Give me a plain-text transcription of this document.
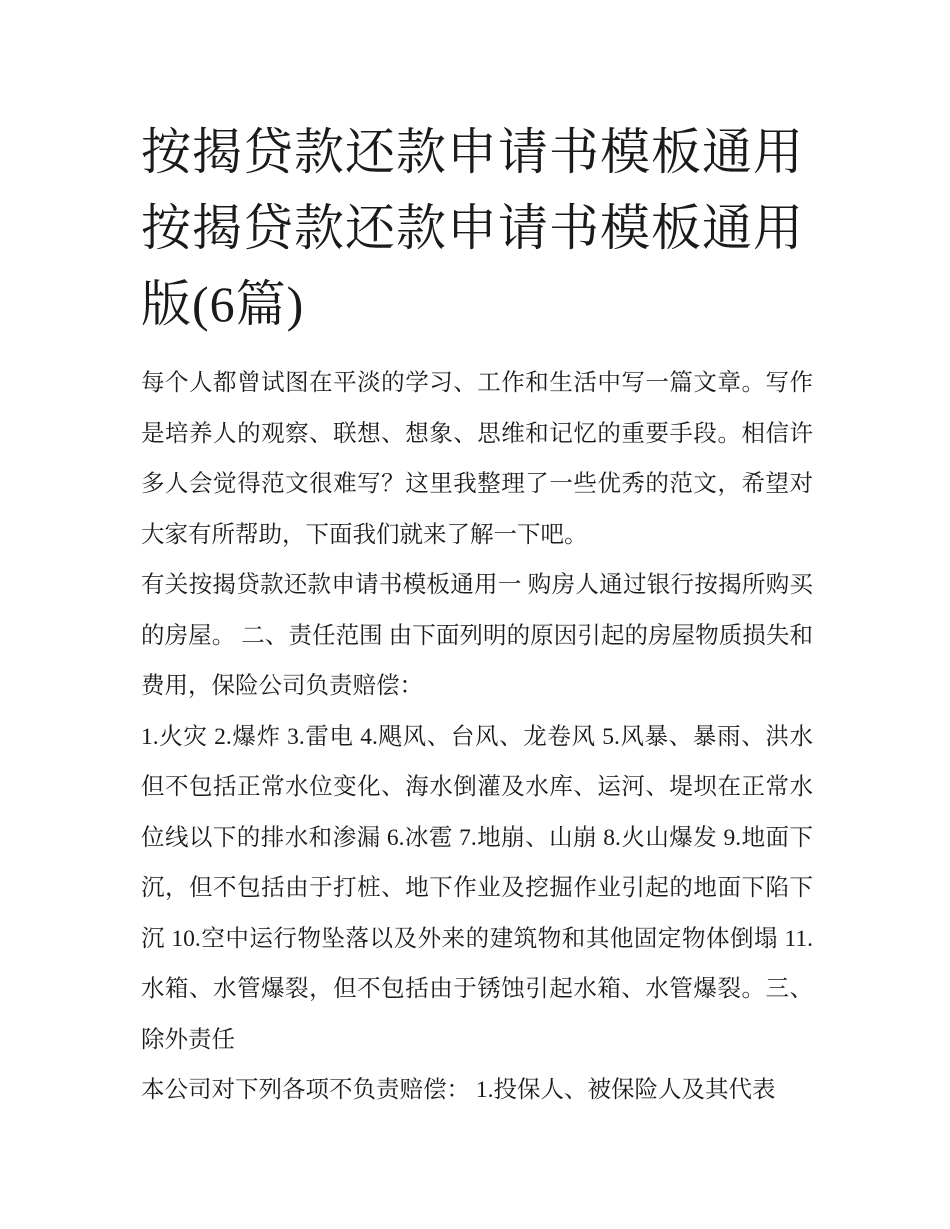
按揭贷款还款申请书模板通用按揭贷款还款申请书模板通用版(6篇)

每个人都曾试图在平淡的学习、工作和生活中写一篇文章。写作是培养人的观察、联想、想象、思维和记忆的重要手段。相信许多人会觉得范文很难写？这里我整理了一些优秀的范文，希望对大家有所帮助，下面我们就来了解一下吧。

有关按揭贷款还款申请书模板通用一 购房人通过银行按揭所购买的房屋。 二、责任范围 由下面列明的原因引起的房屋物质损失和费用，保险公司负责赔偿：

1.火灾 2.爆炸 3.雷电 4.飓风、台风、龙卷风 5.风暴、暴雨、洪水但不包括正常水位变化、海水倒灌及水库、运河、堤坝在正常水位线以下的排水和渗漏 6.冰雹 7.地崩、山崩 8.火山爆发 9.地面下沉，但不包括由于打桩、地下作业及挖掘作业引起的地面下陷下沉 10.空中运行物坠落以及外来的建筑物和其他固定物体倒塌 11.水箱、水管爆裂，但不包括由于锈蚀引起水箱、水管爆裂。三、除外责任

本公司对下列各项不负责赔偿： 1.投保人、被保险人及其代表
